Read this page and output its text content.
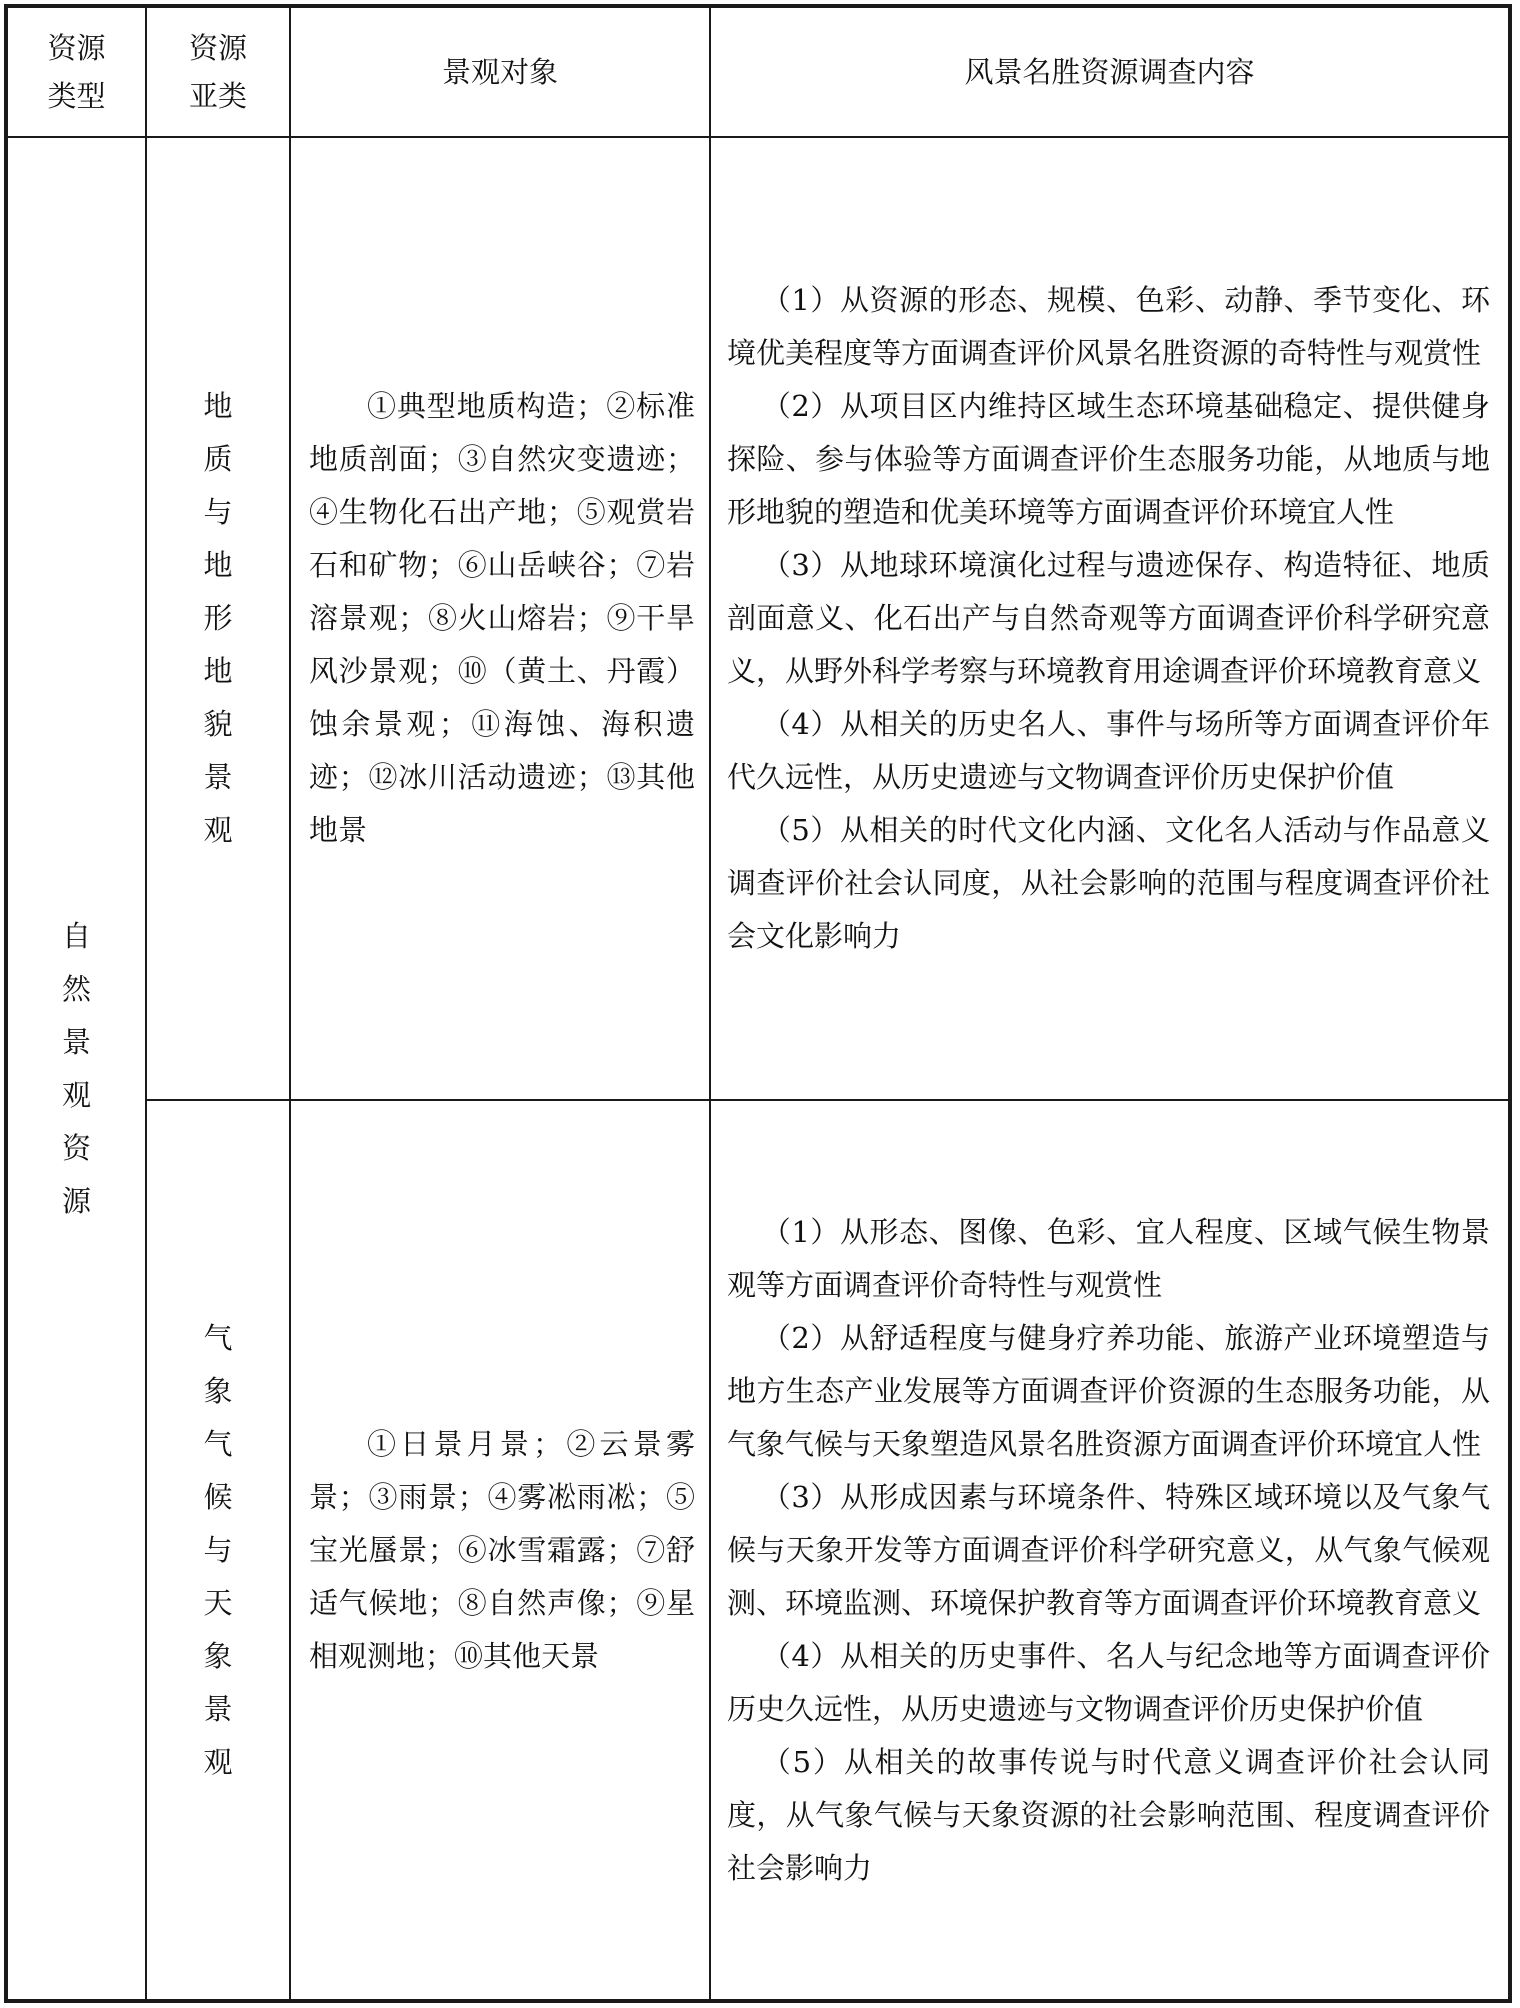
资源类型	资源亚类	景观对象	风景名胜资源调查内容
自然景观资源	地质与地形地貌景观	①典型地质构造；②标准地质剖面；③自然灾变遗迹；④生物化石出产地；⑤观赏岩石和矿物；⑥山岳峡谷；⑦岩溶景观；⑧火山熔岩；⑨干旱风沙景观；⑩（黄土、丹霞）蚀余景观；⑪海蚀、海积遗迹；⑫冰川活动遗迹；⑬其他地景	（1）从资源的形态、规模、色彩、动静、季节变化、环境优美程度等方面调查评价风景名胜资源的奇特性与观赏性

（2）从项目区内维持区域生态环境基础稳定、提供健身探险、参与体验等方面调查评价生态服务功能，从地质与地形地貌的塑造和优美环境等方面调查评价环境宜人性

（3）从地球环境演化过程与遗迹保存、构造特征、地质剖面意义、化石出产与自然奇观等方面调查评价科学研究意义，从野外科学考察与环境教育用途调查评价环境教育意义

（4）从相关的历史名人、事件与场所等方面调查评价年代久远性，从历史遗迹与文物调查评价历史保护价值

（5）从相关的时代文化内涵、文化名人活动与作品意义调查评价社会认同度，从社会影响的范围与程度调查评价社会文化影响力

	气象气候与天象景观	①日景月景；②云景雾景；③雨景；④雾凇雨凇；⑤宝光蜃景；⑥冰雪霜露；⑦舒适气候地；⑧自然声像；⑨星相观测地；⑩其他天景	（1）从形态、图像、色彩、宜人程度、区域气候生物景观等方面调查评价奇特性与观赏性

（2）从舒适程度与健身疗养功能、旅游产业环境塑造与地方生态产业发展等方面调查评价资源的生态服务功能，从气象气候与天象塑造风景名胜资源方面调查评价环境宜人性

（3）从形成因素与环境条件、特殊区域环境以及气象气候与天象开发等方面调查评价科学研究意义，从气象气候观测、环境监测、环境保护教育等方面调查评价环境教育意义

（4）从相关的历史事件、名人与纪念地等方面调查评价历史久远性，从历史遗迹与文物调查评价历史保护价值

（5）从相关的故事传说与时代意义调查评价社会认同度，从气象气候与天象资源的社会影响范围、程度调查评价社会影响力
